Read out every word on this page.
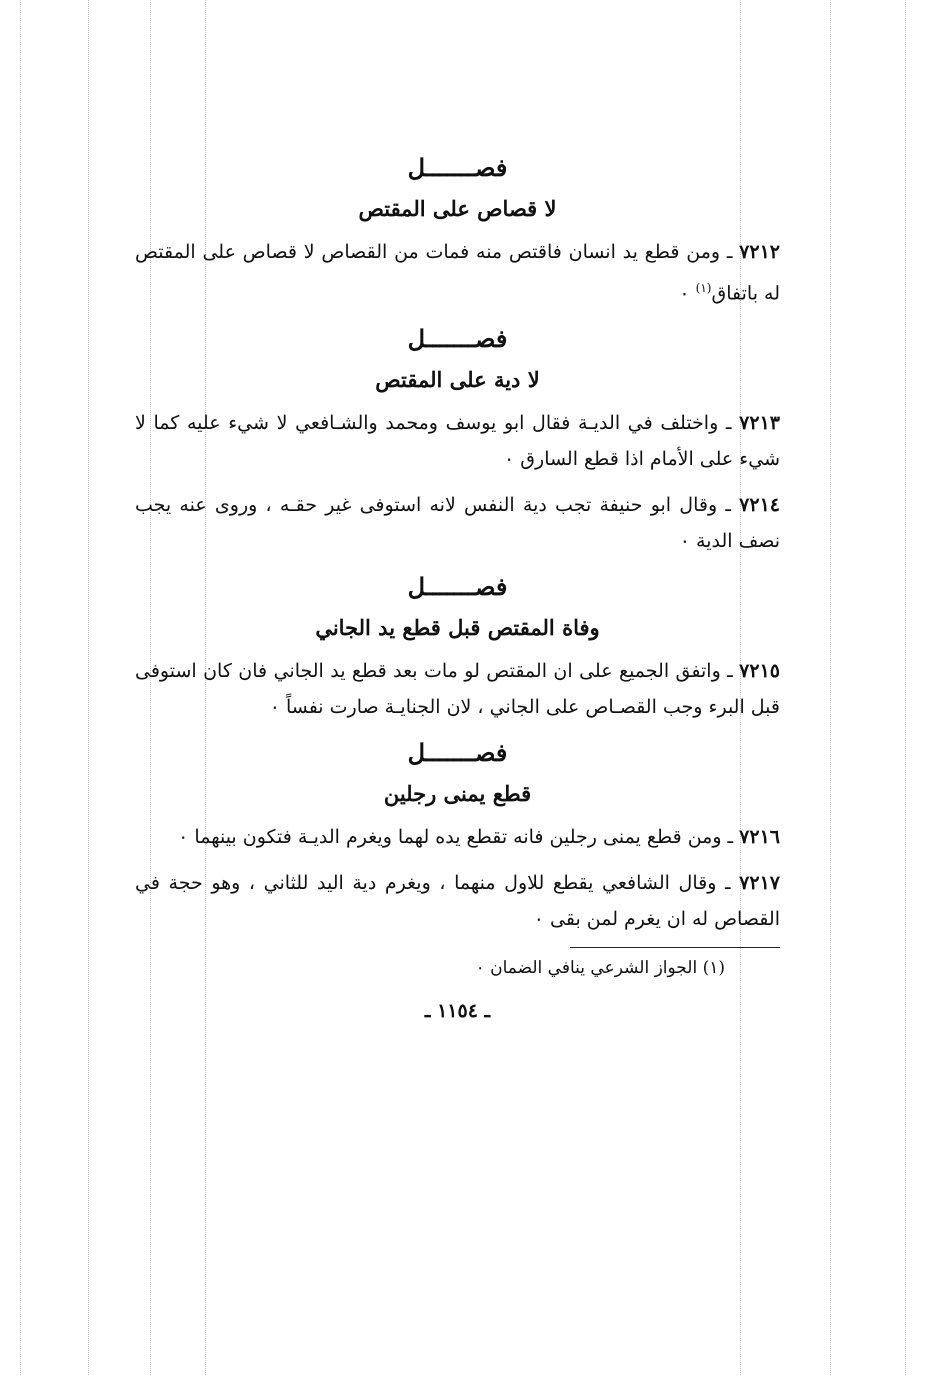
فصـــــــل

لا قصاص على المقتص

٧٢١٢ ـ ومن قطع يد انسان فاقتص منه فمات من القصاص لا قصاص على المقتص له باتفاق$^{(١)}$ ٠

فصـــــــل

لا دية على المقتص

٧٢١٣ ـ واختلف في الديـة فقال ابو يوسف ومحمد والشـافعي لا شيء عليه كما لا شيء على الأمام اذا قطع السارق ٠

٧٢١٤ ـ وقال ابو حنيفة تجب دية النفس لانه استوفى غير حقـه ، وروى عنه يجب نصف الدية ٠

فصـــــــل

وفاة المقتص قبل قطع يد الجاني

٧٢١٥ ـ واتفق الجميع على ان المقتص لو مات بعد قطع يد الجاني فان كان استوفى قبل البرء وجب القصـاص على الجاني ، لان الجنايـة صارت نفساً ٠

فصـــــــل

قطع يمنى رجلين

٧٢١٦ ـ ومن قطع يمنى رجلين فانه تقطع يده لهما ويغرم الديـة فتكون بينهما ٠

٧٢١٧ ـ وقال الشافعي يقطع للاول منهما ، ويغرم دية اليد للثاني ، وهو حجة في القصاص له ان يغرم لمن بقى ٠

(١) الجواز الشرعي ينافي الضمان ٠

ـ ١١٥٤ ـ
